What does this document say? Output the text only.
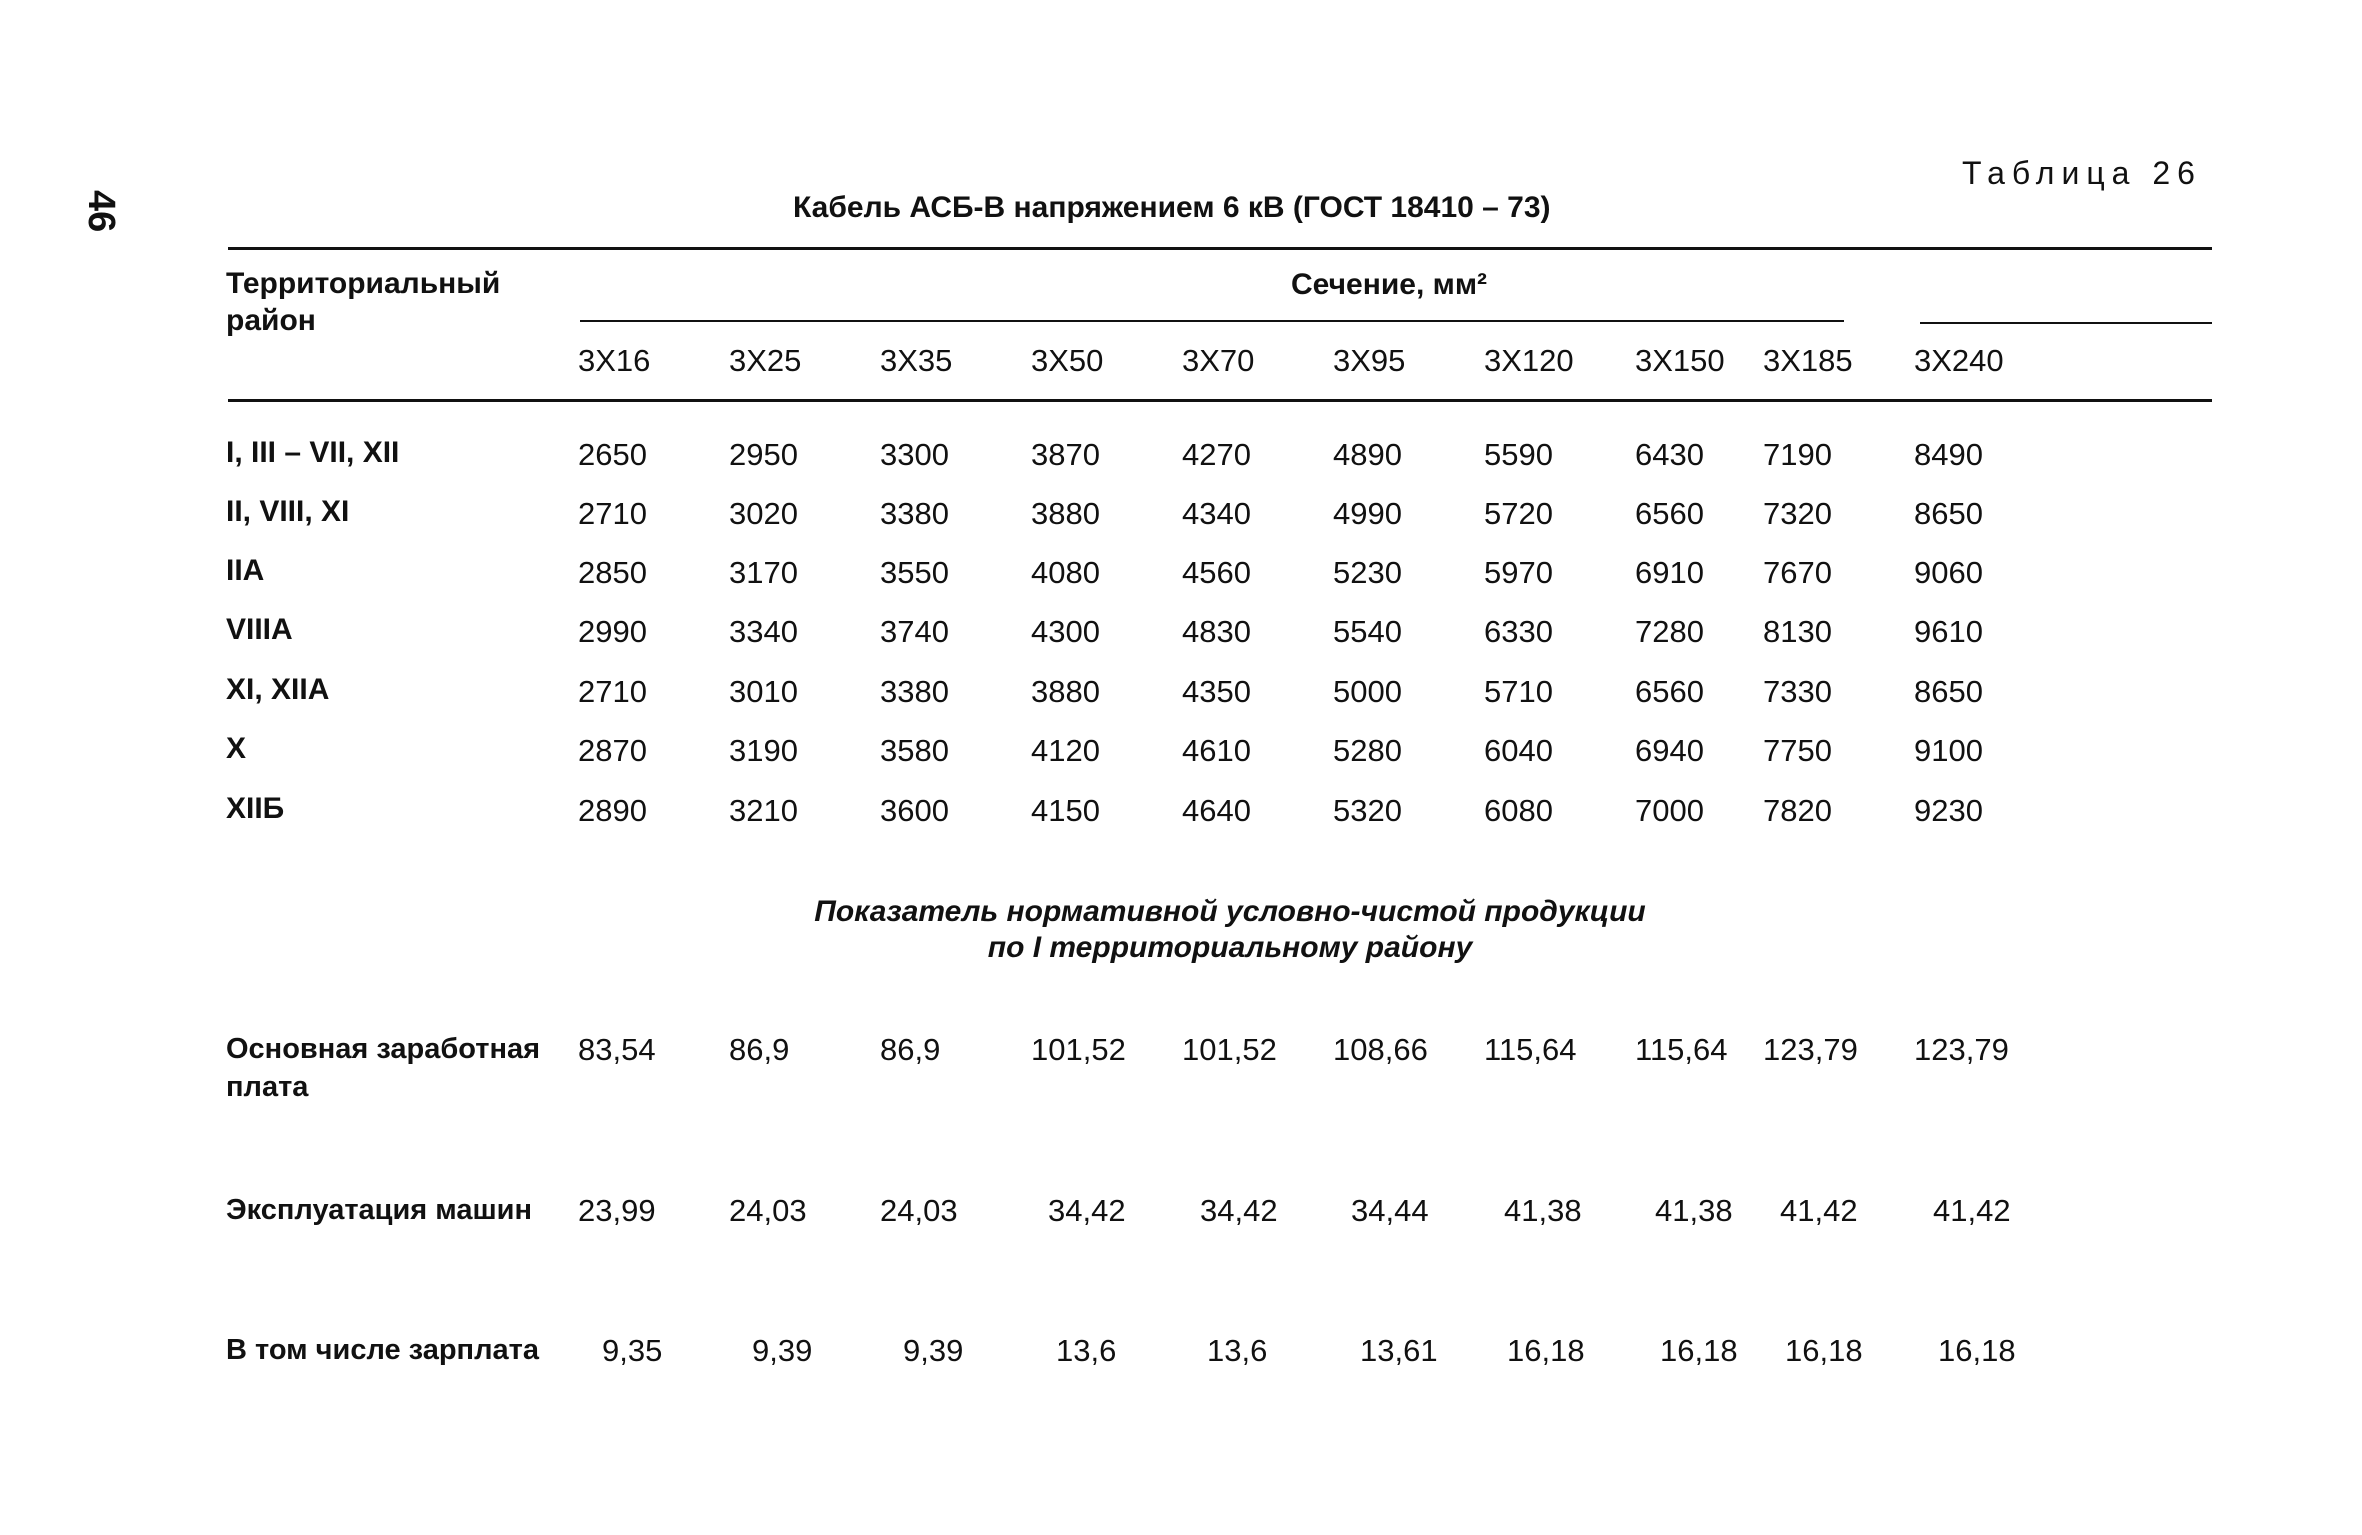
46
Таблица 26
Кабель АСБ-В напряжением 6 кВ (ГОСТ 18410 – 73)
Территориальный
район
Сечение, мм²
3Х16	3Х25	3Х35	3Х50	3Х70	3Х95	3Х120 3Х150 3Х185 3Х240
I, III – VII, XII	2650	2950	3300	3870	4270	4890	5590	6430 7190	8490
II, VIII, XI	2710	3020	3380	3880	4340	4990	5720	6560 7320	8650
IIA	2850	3170	3550	4080	4560	5230	5970	6910 7670	9060
VIIIA	2990	3340	3740	4300	4830	5540	6330	7280 8130	9610
XI, XIIA	2710	3010	3380	3880	4350	5000	5710	6560 7330	8650
X	2870	3190	3580	4120	4610	5280	6040	6940 7750	9100
XIIБ	2890	3210	3600	4150	4640	5320	6080	7000 7820	9230
Показатель нормативной условно-чистой продукции
по I территориальному району
Основная заработная
плата
83,54 86,9	86,9	101,52 101,52 108,66 115,64 115,64 123,79 123,79
Эксплуатация машин 23,99 24,03 24,03	34,42 34,42 34,44 41,38 41,38 41,42 41,42
В том числе зарплата 9,35	9,39	9,39	13,6	13,6	13,61 16,18 16,18 16,18 16,18
